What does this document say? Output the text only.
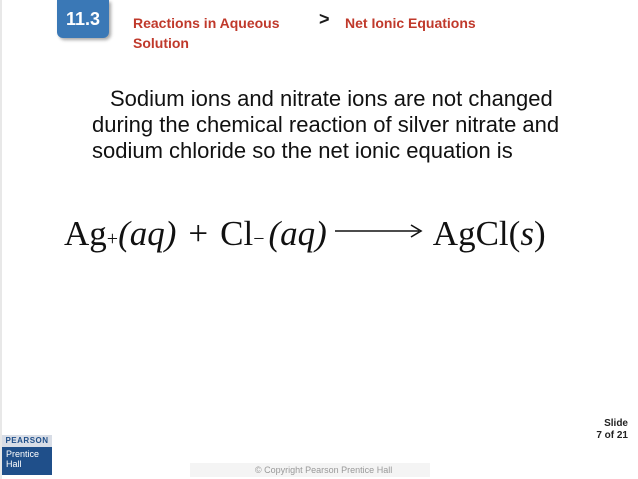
11.3 Reactions in Aqueous Solution
> Net Ionic Equations
Sodium ions and nitrate ions are not changed during the chemical reaction of silver nitrate and sodium chloride so the net ionic equation is
Ag + (aq) + Cl − (aq) → AgCl ( s )
PEARSON
Prentice
Hall
Slide
7 of 21
© Copyright Pearson Prentice Hall
